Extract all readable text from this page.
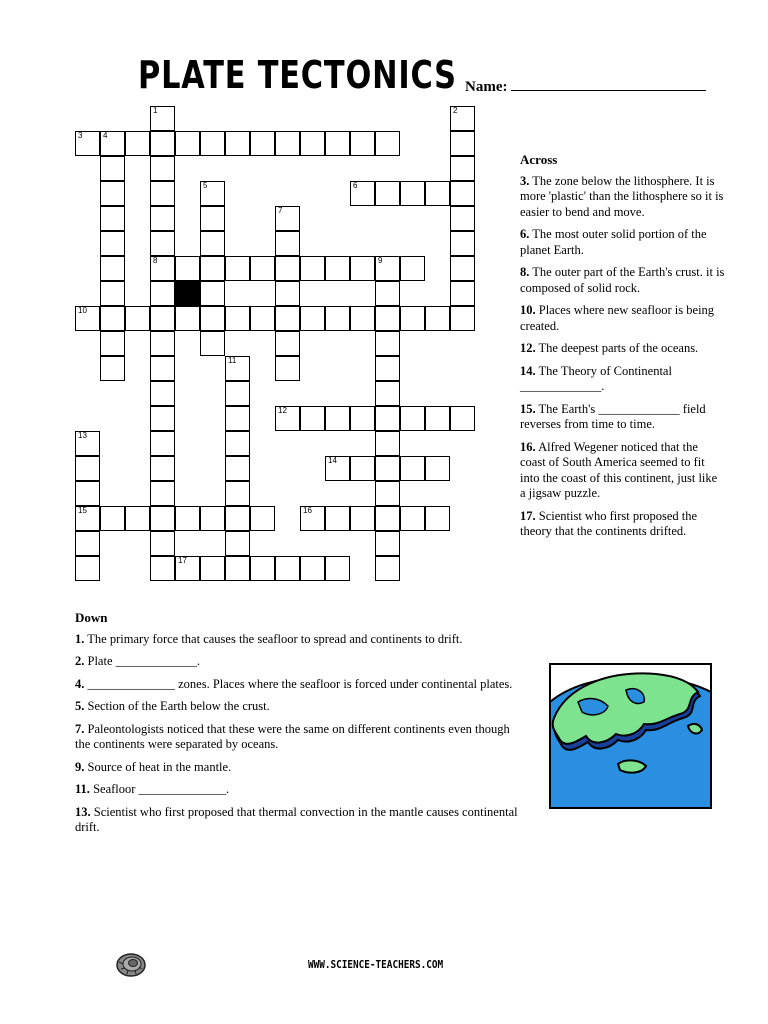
PLATE TECTONICS Name:
3	4
6
8	9
10
12
14
15	16
17
1	2
5
7
11
13
Across
3. The zone below the lithosphere. It is more 'plastic' than the lithosphere so it is easier to bend and move.
6. The most outer solid portion of the planet Earth.
8. The outer part of the Earth's crust. it is composed of solid rock.
10. Places where new seafloor is being created.
12. The deepest parts of the oceans.
14. The Theory of Continental _____________.
15. The Earth's _____________ field reverses from time to time.
16. Alfred Wegener noticed that the coast of South America seemed to fit into the coast of this continent, just like a jigsaw puzzle.
17. Scientist who first proposed the theory that the continents drifted.
Down
1. The primary force that causes the seafloor to spread and continents to drift.
2. Plate _____________.
4. ______________ zones. Places where the seafloor is forced under continental plates.
5. Section of the Earth below the crust.
7. Paleontologists noticed that these were the same on different continents even though the continents were separated by oceans.
9. Source of heat in the mantle.
11. Seafloor ______________.
13. Scientist who first proposed that thermal convection in the mantle causes continental drift.
WWW.SCIENCE-TEACHERS.COM
